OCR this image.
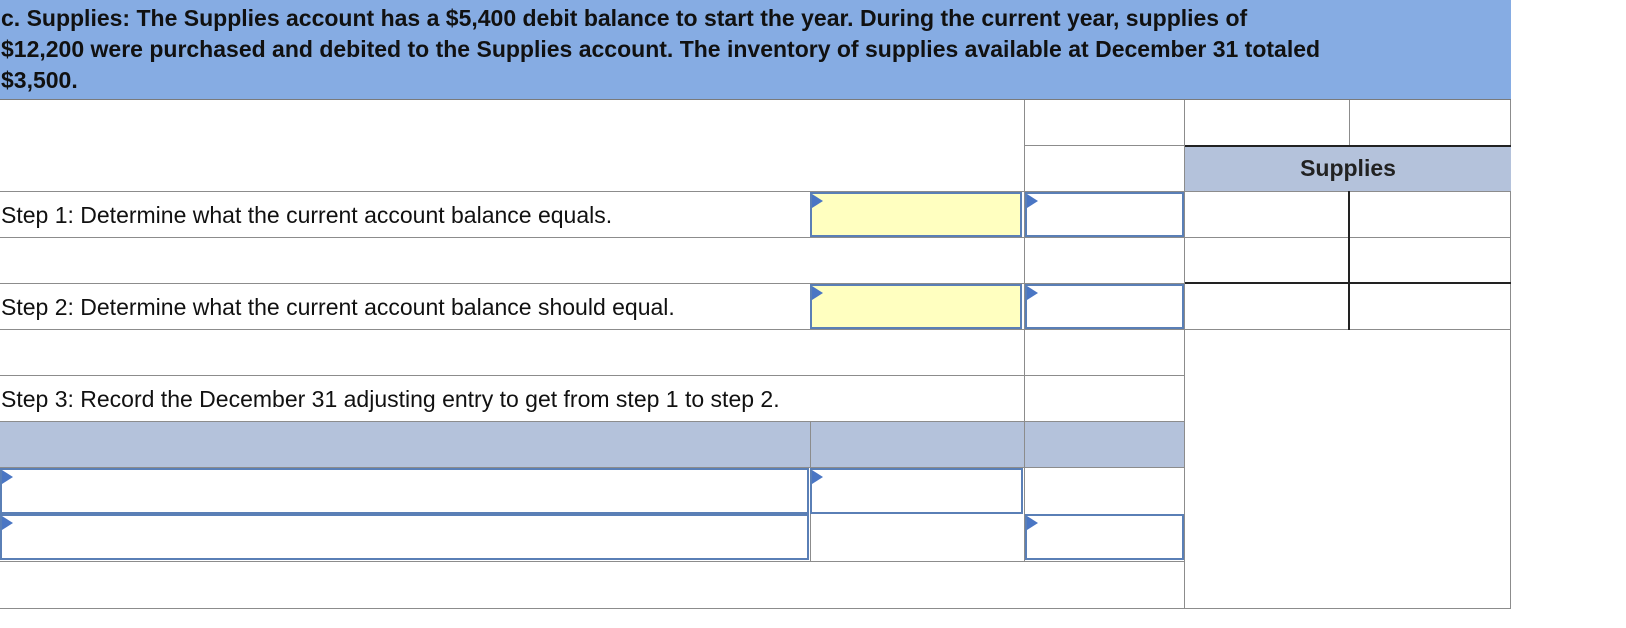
c. Supplies: The Supplies account has a $5,400 debit balance to start the year. During the current year, supplies of
$12,200 were purchased and debited to the Supplies account. The inventory of supplies available at December 31 totaled
$3,500.
Supplies
Step 1: Determine what the current account balance equals.
Step 2: Determine what the current account balance should equal.
Step 3: Record the December 31 adjusting entry to get from step 1 to step 2.
